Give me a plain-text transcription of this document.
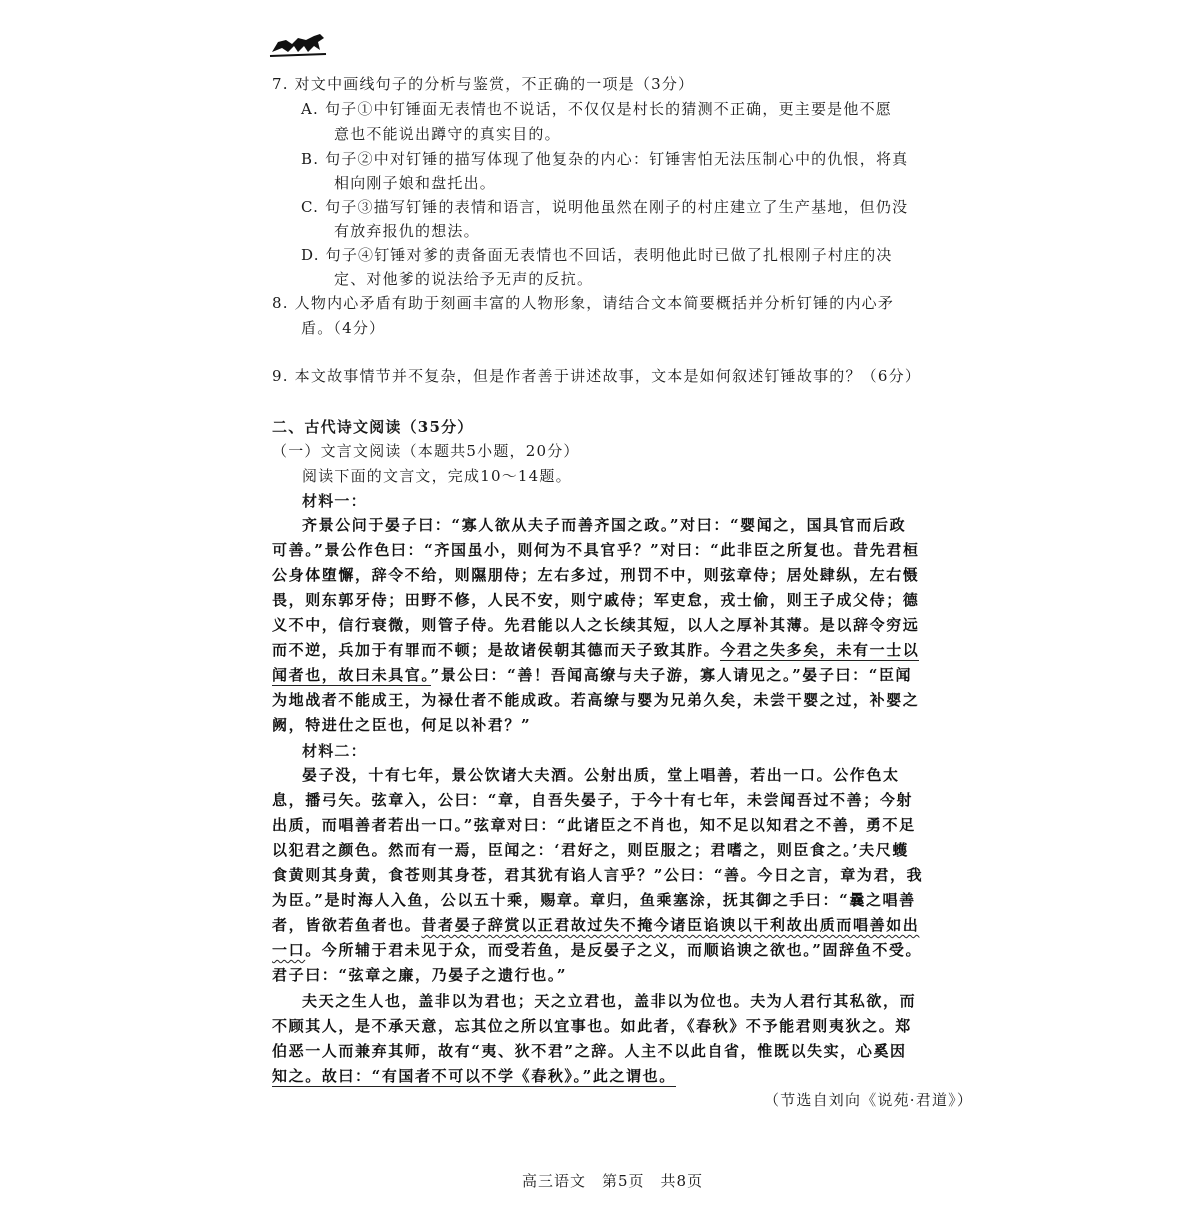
7. 对文中画线句子的分析与鉴赏，不正确的一项是（3分）
A. 句子①中钉锤面无表情也不说话，不仅仅是村长的猜测不正确，更主要是他不愿
意也不能说出蹲守的真实目的。
B. 句子②中对钉锤的描写体现了他复杂的内心：钉锤害怕无法压制心中的仇恨，将真
相向刚子娘和盘托出。
C. 句子③描写钉锤的表情和语言，说明他虽然在刚子的村庄建立了生产基地，但仍没
有放弃报仇的想法。
D. 句子④钉锤对爹的责备面无表情也不回话，表明他此时已做了扎根刚子村庄的决
定、对他爹的说法给予无声的反抗。
8. 人物内心矛盾有助于刻画丰富的人物形象，请结合文本简要概括并分析钉锤的内心矛
盾。（4分）
9. 本文故事情节并不复杂，但是作者善于讲述故事，文本是如何叙述钉锤故事的？（6分）
二、古代诗文阅读（35分）
（一）文言文阅读（本题共5小题，20分）
阅读下面的文言文，完成10～14题。
材料一：
齐景公问于晏子曰：“寡人欲从夫子而善齐国之政。”对曰：“婴闻之，国具官而后政
可善。”景公作色曰：“齐国虽小，则何为不具官乎？”对曰：“此非臣之所复也。昔先君桓
公身体堕懈，辞令不给，则隰朋侍；左右多过，刑罚不中，则弦章侍；居处肆纵，左右慑
畏，则东郭牙侍；田野不修，人民不安，则宁戚侍；军吏怠，戎士偷，则王子成父侍；德
义不中，信行衰微，则管子侍。先君能以人之长续其短，以人之厚补其薄。是以辞令穷远
而不逆，兵加于有罪而不顿；是故诸侯朝其德而天子致其胙。今君之失多矣，未有一士以
闻者也，故曰未具官。”景公曰：“善！吾闻高缭与夫子游，寡人请见之。”晏子曰：“臣闻
为地战者不能成王，为禄仕者不能成政。若高缭与婴为兄弟久矣，未尝干婴之过，补婴之
阙，特进仕之臣也，何足以补君？”
材料二：
晏子没，十有七年，景公饮诸大夫酒。公射出质，堂上唱善，若出一口。公作色太
息，播弓矢。弦章入，公曰：“章，自吾失晏子，于今十有七年，未尝闻吾过不善；今射
出质，而唱善者若出一口。”弦章对曰：“此诸臣之不肖也，知不足以知君之不善，勇不足
以犯君之颜色。然而有一焉，臣闻之：‘君好之，则臣服之；君嗜之，则臣食之。’夫尺蠖
食黄则其身黄，食苍则其身苍，君其犹有谄人言乎？”公曰：“善。今日之言，章为君，我
为臣。”是时海人入鱼，公以五十乘，赐章。章归，鱼乘塞涂，抚其御之手曰：“曩之唱善
者，皆欲若鱼者也。昔者晏子辞赏以正君故过失不掩今诸臣谄谀以干利故出质而唱善如出
一口。今所辅于君未见于众，而受若鱼，是反晏子之义，而顺谄谀之欲也。”固辞鱼不受。
君子曰：“弦章之廉，乃晏子之遗行也。”
夫天之生人也，盖非以为君也；天之立君也，盖非以为位也。夫为人君行其私欲，而
不顾其人，是不承天意，忘其位之所以宜事也。如此者，《春秋》不予能君则夷狄之。郑
伯恶一人而兼弃其师，故有“夷、狄不君”之辞。人主不以此自省，惟既以失实，心奚因
知之。故曰：“有国者不可以不学《春秋》。”此之谓也。
（节选自刘向《说苑·君道》）
高三语文　第5页　共8页
